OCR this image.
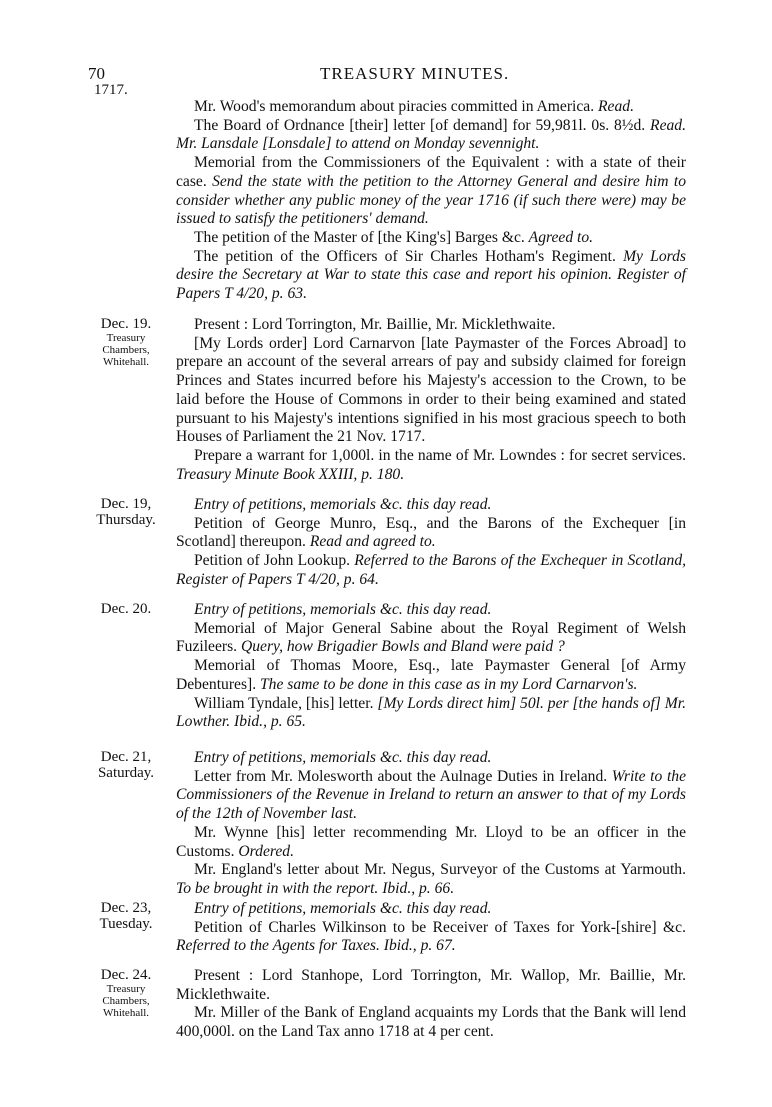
70	TREASURY MINUTES.
1717.

Mr. Wood's memorandum about piracies committed in America. Read.

The Board of Ordnance [their] letter [of demand] for 59,981l. 0s. 8½d. Read. Mr. Lansdale [Lonsdale] to attend on Monday sevennight.

Memorial from the Commissioners of the Equivalent : with a state of their case. Send the state with the petition to the Attorney General and desire him to consider whether any public money of the year 1716 (if such there were) may be issued to satisfy the petitioners' demand.

The petition of the Master of [the King's] Barges &c. Agreed to.

The petition of the Officers of Sir Charles Hotham's Regiment. My Lords desire the Secretary at War to state this case and report his opinion. Register of Papers T 4/20, p. 63.

Dec. 19.
Treasury Chambers, Whitehall.

Present : Lord Torrington, Mr. Baillie, Mr. Micklethwaite.

[My Lords order] Lord Carnarvon [late Paymaster of the Forces Abroad] to prepare an account of the several arrears of pay and subsidy claimed for foreign Princes and States incurred before his Majesty's accession to the Crown, to be laid before the House of Commons in order to their being examined and stated pursuant to his Majesty's intentions signified in his most gracious speech to both Houses of Parliament the 21 Nov. 1717.

Prepare a warrant for 1,000l. in the name of Mr. Lowndes : for secret services. Treasury Minute Book XXIII, p. 180.

Dec. 19, Thursday.

Entry of petitions, memorials &c. this day read.

Petition of George Munro, Esq., and the Barons of the Exchequer [in Scotland] thereupon. Read and agreed to.

Petition of John Lookup. Referred to the Barons of the Exchequer in Scotland, Register of Papers T 4/20, p. 64.

Dec. 20.	Entry of petitions, memorials &c. this day read.

Memorial of Major General Sabine about the Royal Regiment of Welsh Fuzileers. Query, how Brigadier Bowls and Bland were paid ?

Memorial of Thomas Moore, Esq., late Paymaster General [of Army Debentures]. The same to be done in this case as in my Lord Carnarvon's.

William Tyndale, [his] letter. [My Lords direct him] 50l. per [the hands of] Mr. Lowther. Ibid., p. 65.

Dec. 21, Saturday.

Entry of petitions, memorials &c. this day read.

Letter from Mr. Molesworth about the Aulnage Duties in Ireland. Write to the Commissioners of the Revenue in Ireland to return an answer to that of my Lords of the 12th of November last.

Mr. Wynne [his] letter recommending Mr. Lloyd to be an officer in the Customs. Ordered.

Mr. England's letter about Mr. Negus, Surveyor of the Customs at Yarmouth. To be brought in with the report. Ibid., p. 66.

Dec. 23, Tuesday.

Entry of petitions, memorials &c. this day read.

Petition of Charles Wilkinson to be Receiver of Taxes for York-[shire] &c. Referred to the Agents for Taxes. Ibid., p. 67.

Dec. 24.
Treasury Chambers, Whitehall.

Present : Lord Stanhope, Lord Torrington, Mr. Wallop, Mr. Baillie, Mr. Micklethwaite.

Mr. Miller of the Bank of England acquaints my Lords that the Bank will lend 400,000l. on the Land Tax anno 1718 at 4 per cent.
